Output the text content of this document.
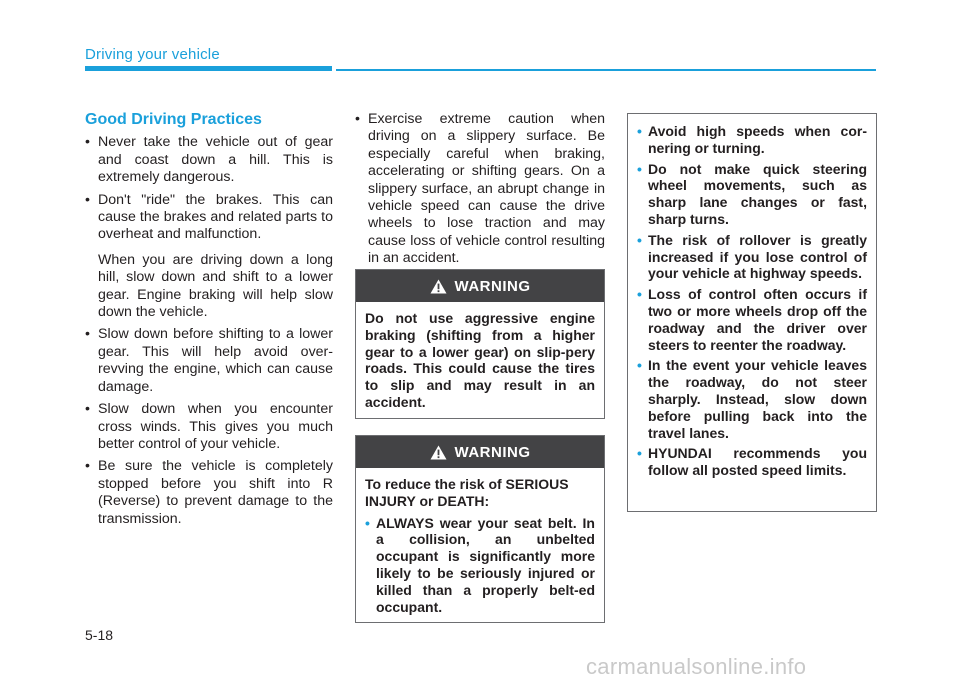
Driving your vehicle
Good Driving Practices
• Never take the vehicle out of gear and coast down a hill. This is extremely dangerous.
• Don't "ride" the brakes. This can cause the brakes and related parts to overheat and malfunction.
When you are driving down a long hill, slow down and shift to a lower gear. Engine braking will help slow down the vehicle.
• Slow down before shifting to a lower gear. This will help avoid over-revving the engine, which can cause damage.
• Slow down when you encounter cross winds. This gives you much better control of your vehicle.
• Be sure the vehicle is completely stopped before you shift into R (Reverse) to prevent damage to the transmission.
• Exercise extreme caution when driving on a slippery surface. Be especially careful when braking, accelerating or shifting gears. On a slippery surface, an abrupt change in vehicle speed can cause the drive wheels to lose traction and may cause loss of vehicle control resulting in an accident.
WARNING
Do not use aggressive engine braking (shifting from a higher gear to a lower gear) on slip-pery roads. This could cause the tires to slip and may result in an accident.
WARNING
To reduce the risk of SERIOUS INJURY or DEATH:
• ALWAYS wear your seat belt. In a collision, an unbelted occupant is significantly more likely to be seriously injured or killed than a properly belt-ed occupant.
• Avoid high speeds when cor-nering or turning.
• Do not make quick steering wheel movements, such as sharp lane changes or fast, sharp turns.
• The risk of rollover is greatly increased if you lose control of your vehicle at highway speeds.
• Loss of control often occurs if two or more wheels drop off the roadway and the driver over steers to reenter the roadway.
• In the event your vehicle leaves the roadway, do not steer sharply. Instead, slow down before pulling back into the travel lanes.
• HYUNDAI recommends you follow all posted speed limits.
5-18
carmanualsonline.info
